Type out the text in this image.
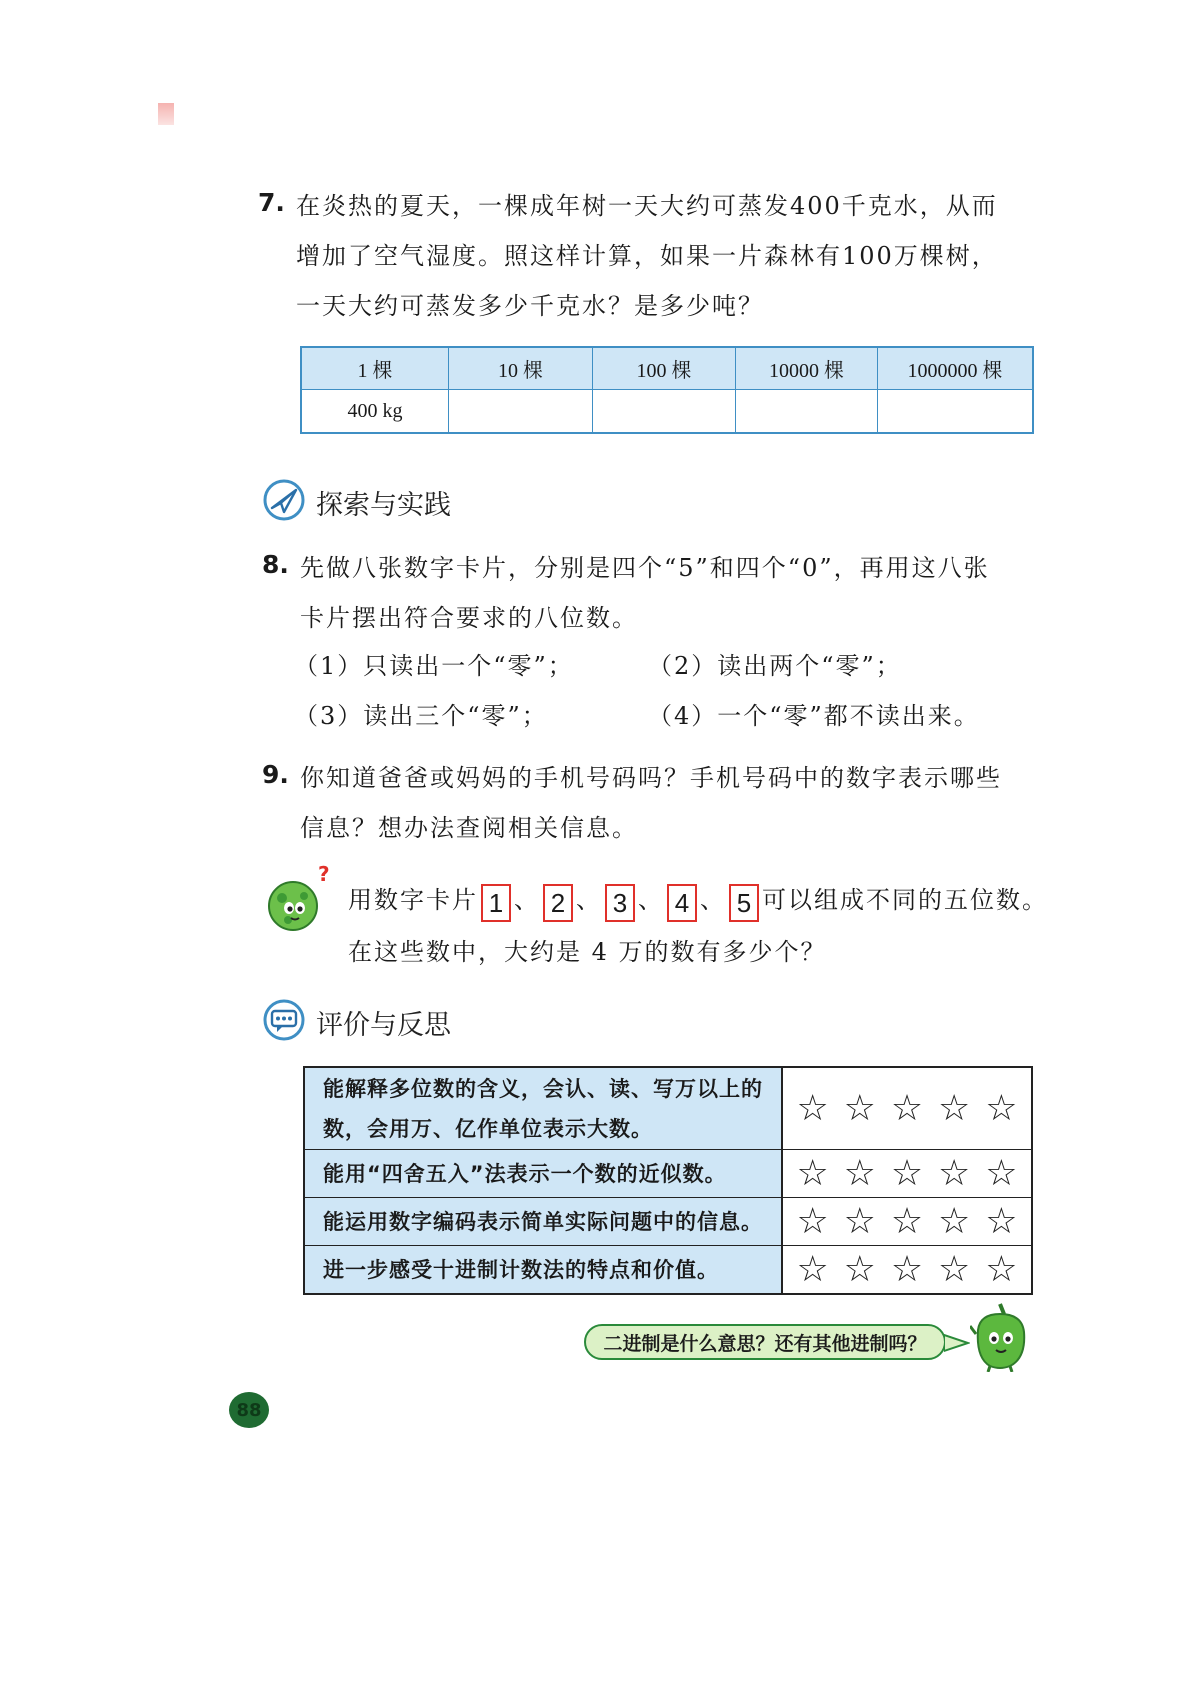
7. 在炎热的夏天，一棵成年树一天大约可蒸发400千克水，从而
增加了空气湿度。照这样计算，如果一片森林有100万棵树，
一天大约可蒸发多少千克水？是多少吨？
1 棵	10 棵	100 棵	10000 棵	1000000 棵
400 kg
探索与实践
8. 先做八张数字卡片，分别是四个“5”和四个“0”，再用这八张
卡片摆出符合要求的八位数。
（1）只读出一个“零”；	（2）读出两个“零”；
（3）读出三个“零”；	（4）一个“零”都不读出来。
9. 你知道爸爸或妈妈的手机号码吗？手机号码中的数字表示哪些
信息？想办法查阅相关信息。
?
用数字卡片 1 、 2 、 3 、 4 、 5 可以组成不同的五位数。
在这些数中，大约是 4 万的数有多少个？
评价与反思
能解释多位数的含义，会认、读、写万以上的数，会用万、亿作单位表示大数。	☆ ☆ ☆ ☆ ☆
能用“四舍五入”法表示一个数的近似数。	☆ ☆ ☆ ☆ ☆
能运用数字编码表示简单实际问题中的信息。 ☆ ☆ ☆ ☆ ☆
进一步感受十进制计数法的特点和价值。	☆ ☆ ☆ ☆ ☆
二进制是什么意思？还有其他进制吗？
88
